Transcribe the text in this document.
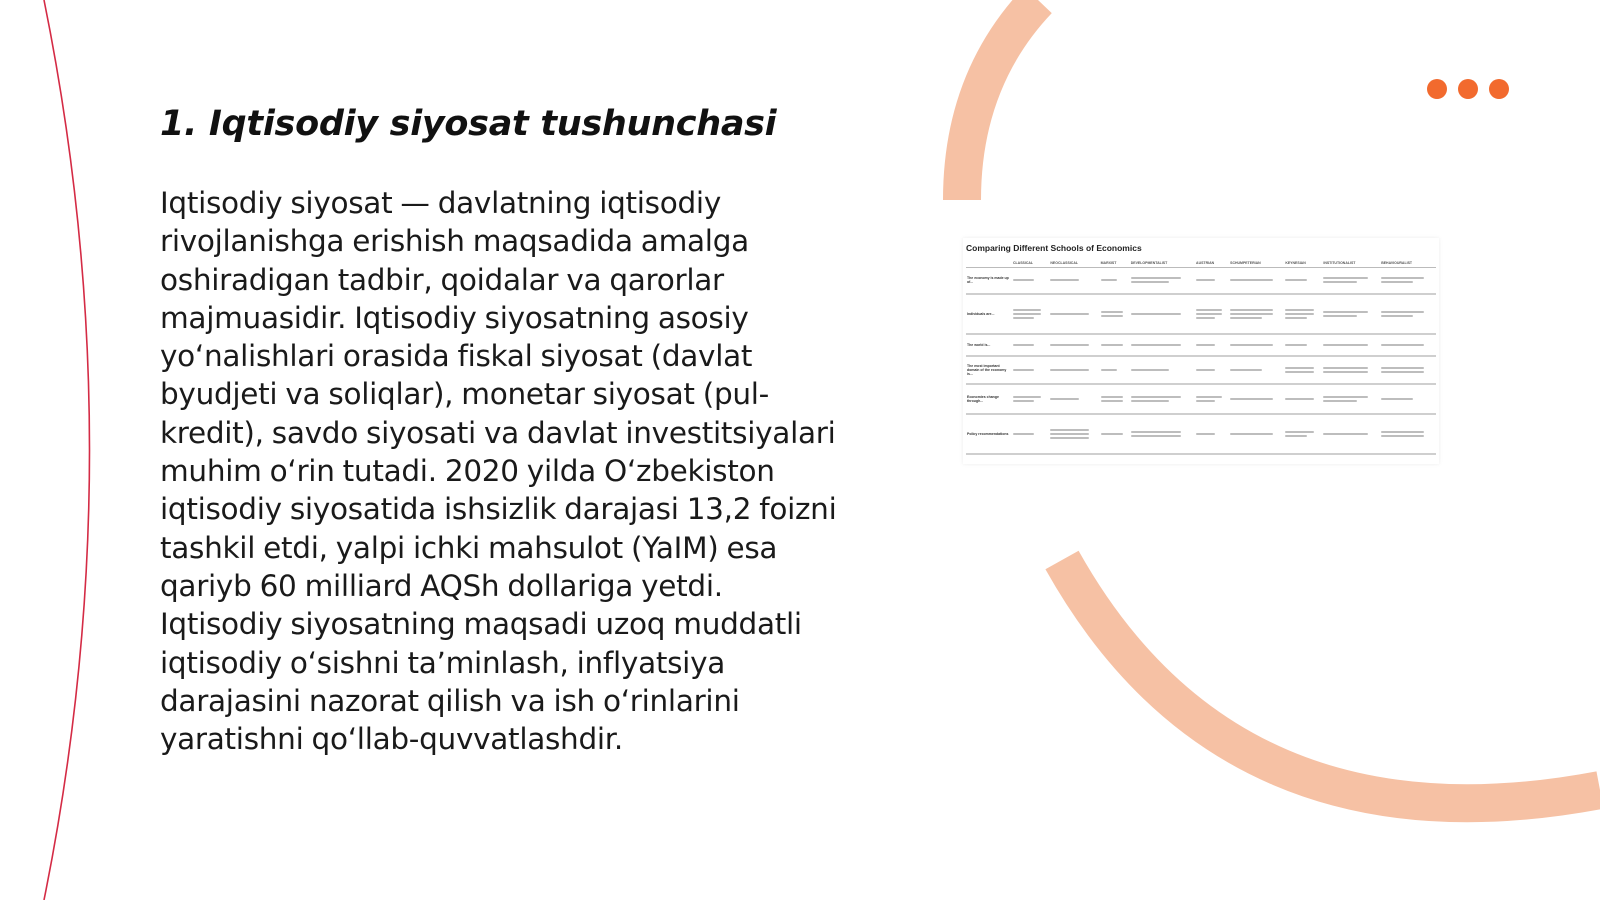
1. Iqtisodiy siyosat tushunchasi

Iqtisodiy siyosat — davlatning iqtisodiy rivojlanishga erishish maqsadida amalga oshiradigan tadbir, qoidalar va qarorlar majmuasidir. Iqtisodiy siyosatning asosiy yo‘nalishlari orasida fiskal siyosat (davlat byudjeti va soliqlar), monetar siyosat (pul-kredit), savdo siyosati va davlat investitsiyalari muhim o‘rin tutadi. 2020 yilda O‘zbekiston iqtisodiy siyosatida ishsizlik darajasi 13,2 foizni tashkil etdi, yalpi ichki mahsulot (YaIM) esa qariyb 60 milliard AQSh dollariga yetdi. Iqtisodiy siyosatning maqsadi uzoq muddatli iqtisodiy o‘sishni ta’minlash, inflyatsiya darajasini nazorat qilish va ish o‘rinlarini yaratishni qo‘llab-quvvatlashdir.

Comparing Different Schools of Economics
	CLASSICAL	NEOCLASSICAL	MARXIST	DEVELOPMENTALIST	AUSTRIAN	SCHUMPETERIAN	KEYNESIAN	INSTITUTIONALIST	BEHAVIOURALIST
The economy is made up of...	

Individuals are...	

The world is...	

The most important domain of the economy is...	

Economies change through...	

Policy recommendations	
